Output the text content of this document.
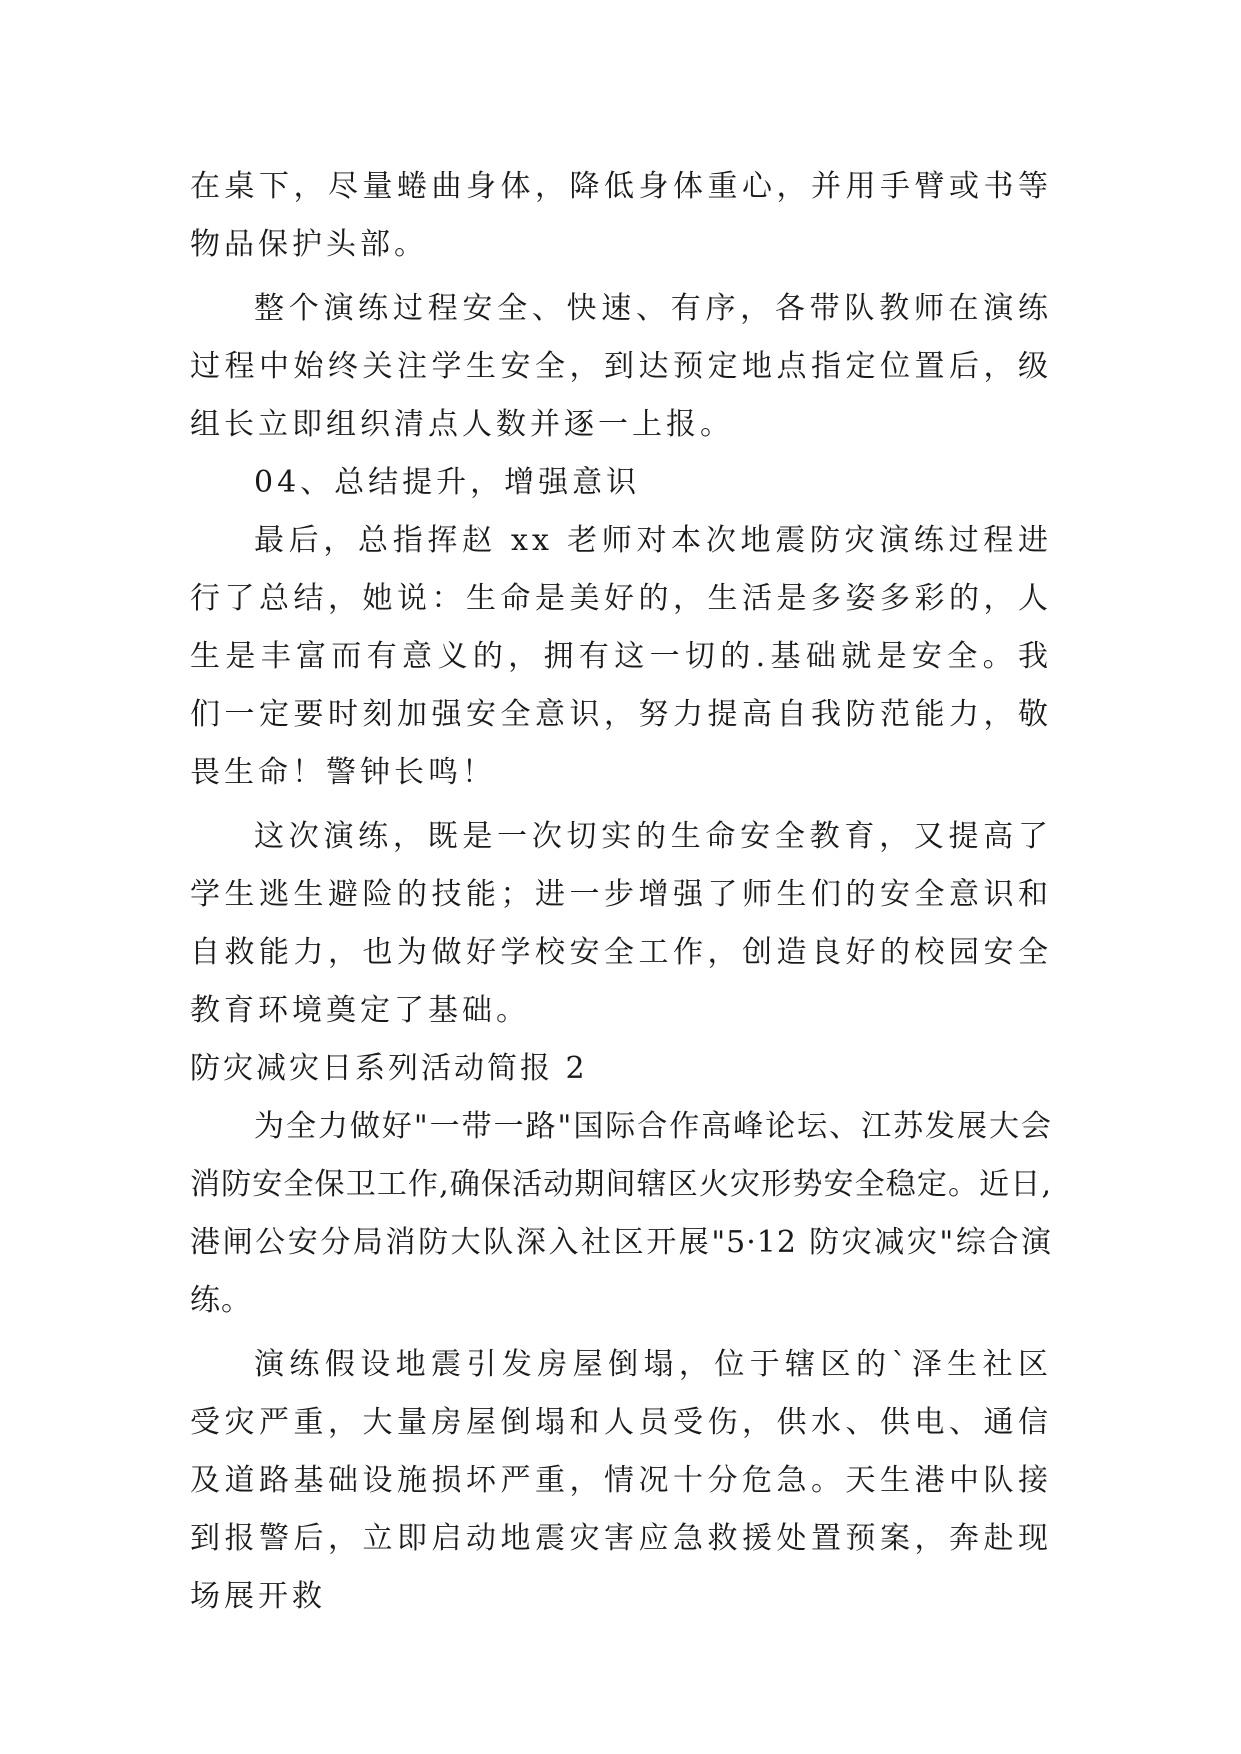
在桌下，尽量蜷曲身体，降低身体重心，并用手臂或书等物品保护头部。

整个演练过程安全、快速、有序，各带队教师在演练过程中始终关注学生安全，到达预定地点指定位置后，级组长立即组织清点人数并逐一上报。

04、总结提升，增强意识

最后，总指挥赵 xx 老师对本次地震防灾演练过程进行了总结，她说：生命是美好的，生活是多姿多彩的，人生是丰富而有意义的，拥有这一切的.基础就是安全。我们一定要时刻加强安全意识，努力提高自我防范能力，敬畏生命！警钟长鸣！

这次演练，既是一次切实的生命安全教育，又提高了学生逃生避险的技能；进一步增强了师生们的安全意识和自救能力，也为做好学校安全工作，创造良好的校园安全教育环境奠定了基础。

防灾减灾日系列活动简报 2

为全力做好"一带一路"国际合作高峰论坛、江苏发展大会消防安全保卫工作,确保活动期间辖区火灾形势安全稳定。近日,港闸公安分局消防大队深入社区开展"5·12 防灾减灾"综合演练。

演练假设地震引发房屋倒塌，位于辖区的`泽生社区受灾严重，大量房屋倒塌和人员受伤，供水、供电、通信及道路基础设施损坏严重，情况十分危急。天生港中队接到报警后，立即启动地震灾害应急救援处置预案，奔赴现场展开救
